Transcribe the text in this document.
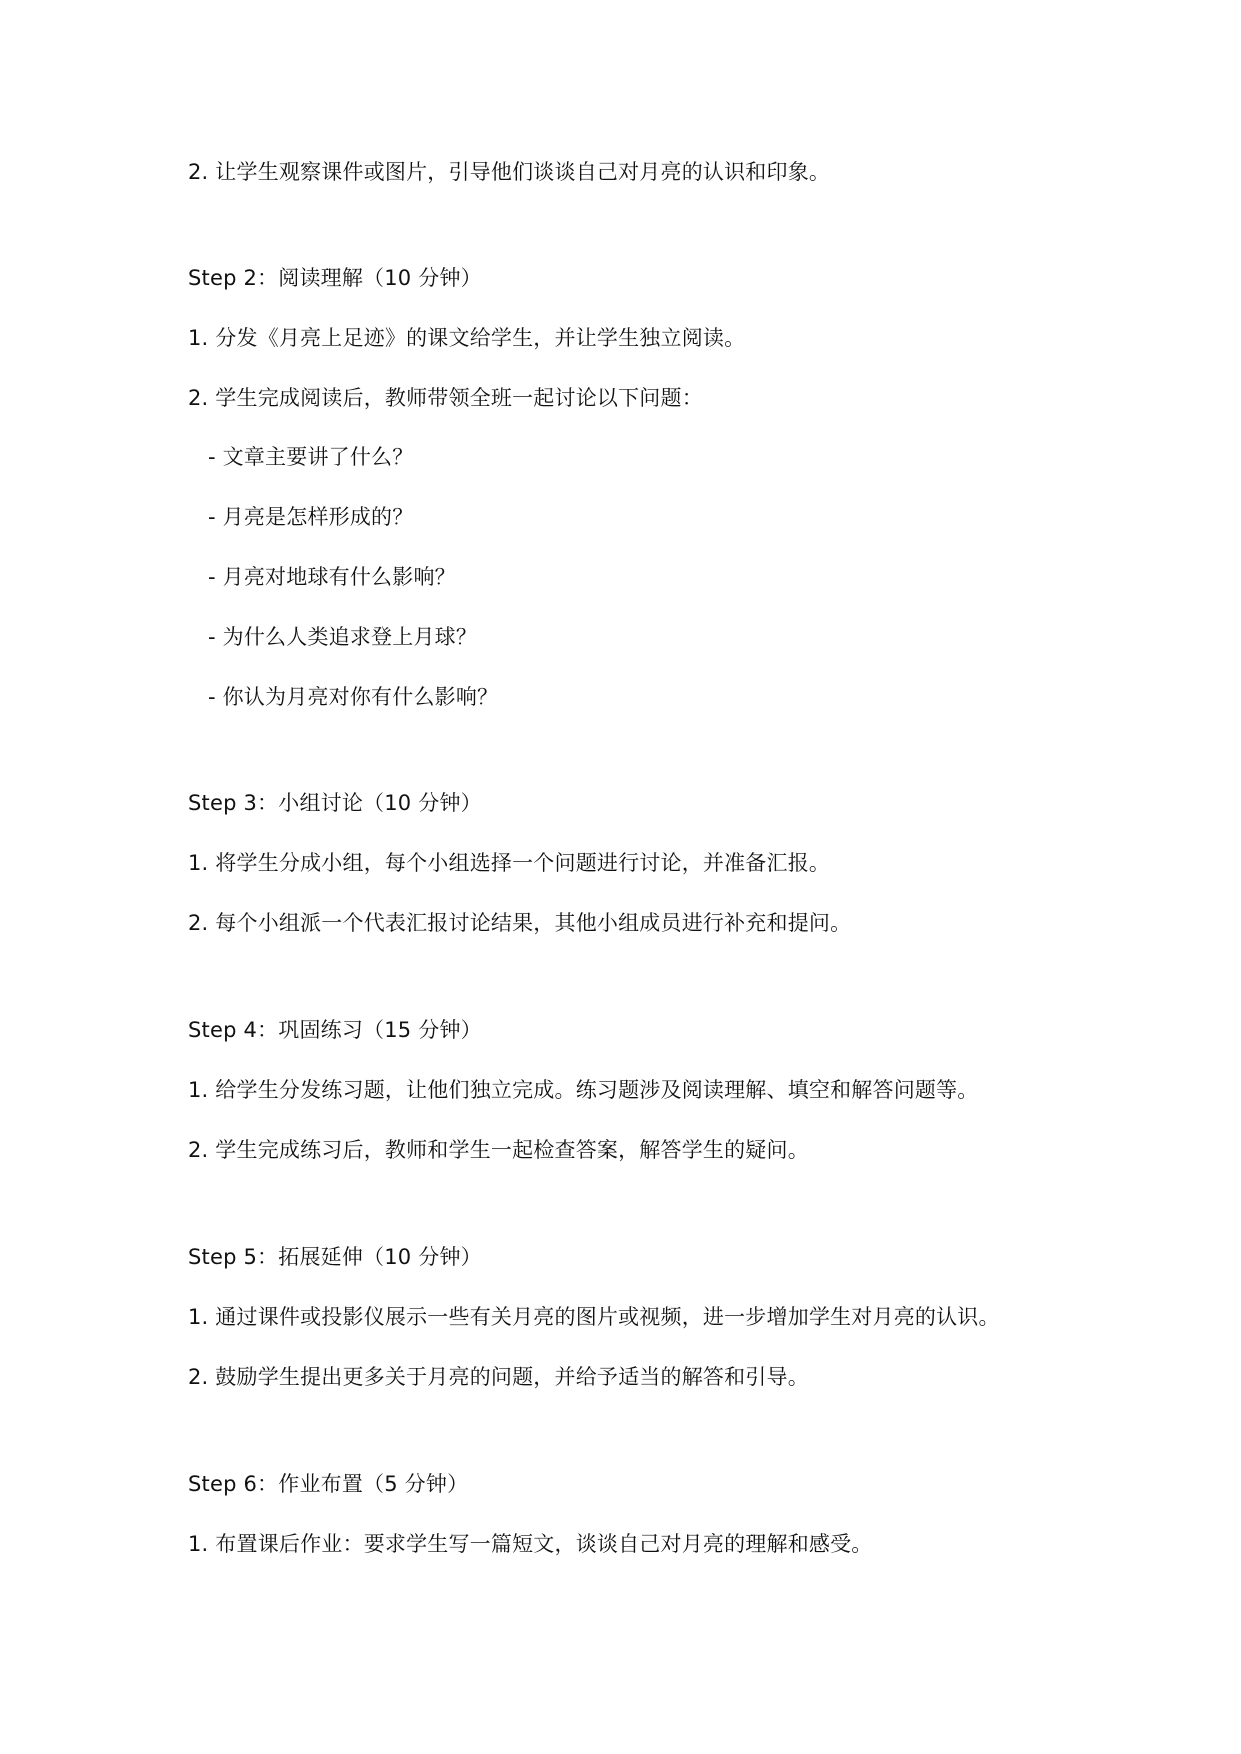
2. 让学生观察课件或图片，引导他们谈谈自己对月亮的认识和印象。
Step 2：阅读理解（10 分钟）
1. 分发《月亮上足迹》的课文给学生，并让学生独立阅读。
2. 学生完成阅读后，教师带领全班一起讨论以下问题：
- 文章主要讲了什么？
- 月亮是怎样形成的？
- 月亮对地球有什么影响？
- 为什么人类追求登上月球？
- 你认为月亮对你有什么影响？
Step 3：小组讨论（10 分钟）
1. 将学生分成小组，每个小组选择一个问题进行讨论，并准备汇报。
2. 每个小组派一个代表汇报讨论结果，其他小组成员进行补充和提问。
Step 4：巩固练习（15 分钟）
1. 给学生分发练习题，让他们独立完成。练习题涉及阅读理解、填空和解答问题等。
2. 学生完成练习后，教师和学生一起检查答案，解答学生的疑问。
Step 5：拓展延伸（10 分钟）
1. 通过课件或投影仪展示一些有关月亮的图片或视频，进一步增加学生对月亮的认识。
2. 鼓励学生提出更多关于月亮的问题，并给予适当的解答和引导。
Step 6：作业布置（5 分钟）
1. 布置课后作业：要求学生写一篇短文，谈谈自己对月亮的理解和感受。
